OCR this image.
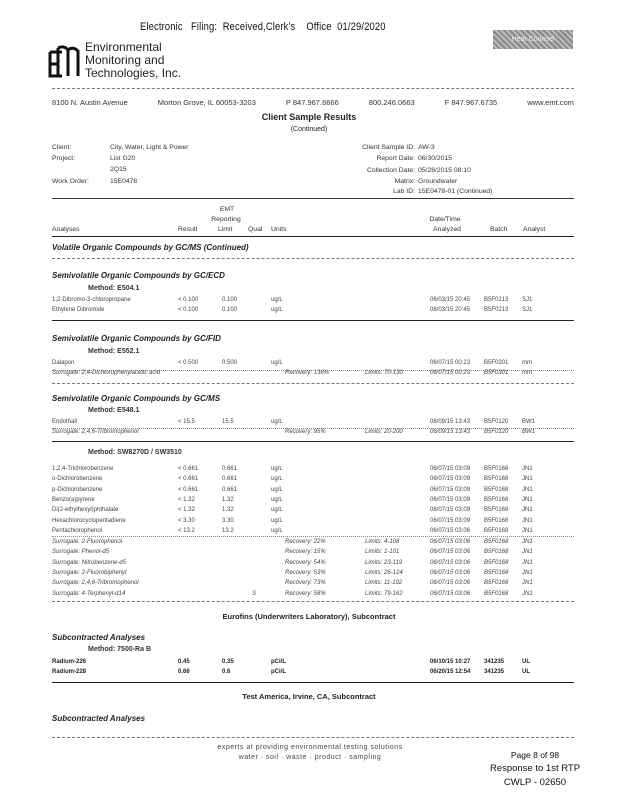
Electronic   Filing:  Received,Clerk's    Office  01/29/2020
Hear Counsel
Environmental
Monitoring and
Technologies, Inc.
8100 N. Austin Avenue	Morton Grove, IL 60053-3203	P 847.967.6666	800.246.0663	F 847.967.6735	www.emt.com
Client Sample Results
(Continued)
Client:	City, Water, Light & Power
Project:	List G20
2Q15
Work Order:	15E0478
Client Sample ID: AW-3
Report Date: 06/30/2015
Collection Date: 05/28/2015 08:10
Matrix: Groundwater
Lab ID: 15E0478-01 (Continued)
EMT
Reporting	Date/Time
Analyses	Result	Limit Qual Units	Analyzed	Batch Analyst
Volatile Organic Compounds by GC/MS (Continued)
Semivolatile Organic Compounds by GC/ECD
Method: E504.1
Semivolatile Organic Compounds by GC/FID
Method: E552.1
Semivolatile Organic Compounds by GC/MS
Method: E548.1
Method: SW8270D / SW3510
Eurofins (Underwriters Laboratory), Subcontract
Subcontracted Analyses
Method: 7500-Ra B
Test America, Irvine, CA, Subcontract
Subcontracted Analyses
experts at providing environmental testing solutions
water · soil · waste · product · sampling	Page 8 of 98
Response to 1st RTP
CWLP - 02650
1,2-Dibromo-3-chloropropane	< 0.100	0.100	ug/L	06/03/15 20:45 B5F0213 SJ1
Ethylene Dibromide	< 0.100	0.100	ug/L	06/03/15 20:45 B5F0213 SJ1
Dalapon	< 0.500	0.500	ug/L	06/07/15 00:23 B5F0301 mrn
Surrogate: 2,4-Dichlorophenylacetic acid	Recovery: 138%	Limits: 70-130	06/07/15 00:23 B5F0301 mrn
Endothall	< 15.5	15.5	ug/L	06/09/15 13:43 B5F0120 BW1
Surrogate: 2,4,6-Tribromophenol	Recovery: 95%	Limits: 20-200	06/09/15 13:43 B5F0120 BW1
1,2,4-Trichlorobenzene	< 0.661	0.661	ug/L	06/07/15 03:09 B5F0168 JN1
o-Dichlorobenzene	< 0.661	0.661	ug/L	06/07/15 03:09 B5F0168 JN1
p-Dichlorobenzene	< 0.661	0.661	ug/L	06/07/15 03:09 B5F0168 JN1
Benzo(a)pyrene	< 1.32	1.32	ug/L	06/07/15 03:09 B5F0168 JN1
Di(2-ethylhexyl)phthalate	< 1.32	1.32	ug/L	06/07/15 03:09 B5F0168 JN1
Hexachlorocyclopentadiene	< 3.30	3.30	ug/L	06/07/15 03:09 B5F0168 JN1
Pentachlorophenol	< 13.2	13.2	ug/L	06/07/15 03:06 B5F0168 JN1
Surrogate: 2-Fluorophenol	Recovery: 22%	Limits: 4-108	06/07/15 03:06 B5F0168 JN1
Surrogate: Phenol-d5	Recovery: 15%	Limits: 1-101	06/07/15 03:06 B5F0168 JN1
Surrogate: Nitrobenzene-d5	Recovery: 54%	Limits: 23-119	06/07/15 03:06 B5F0168 JN1
Surrogate: 2-Fluorobiphenyl	Recovery: 53%	Limits: 26-124	06/07/15 03:06 B5F0168 JN1
Surrogate: 2,4,6-Tribromophenol	Recovery: 73%	Limits: 11-102	06/07/15 03:06 B5F0168 JN1
Surrogate: 4-Terphenyl-d14	S	Recovery: 58%	Limits: 79-162	06/07/15 03:06 B5F0168 JN1
Radium-226	0.45	0.35	pCi/L	06/10/15 10:27 341235	UL
Radium-228	0.66	0.6	pCi/L	06/20/15 12:54 341235	UL
